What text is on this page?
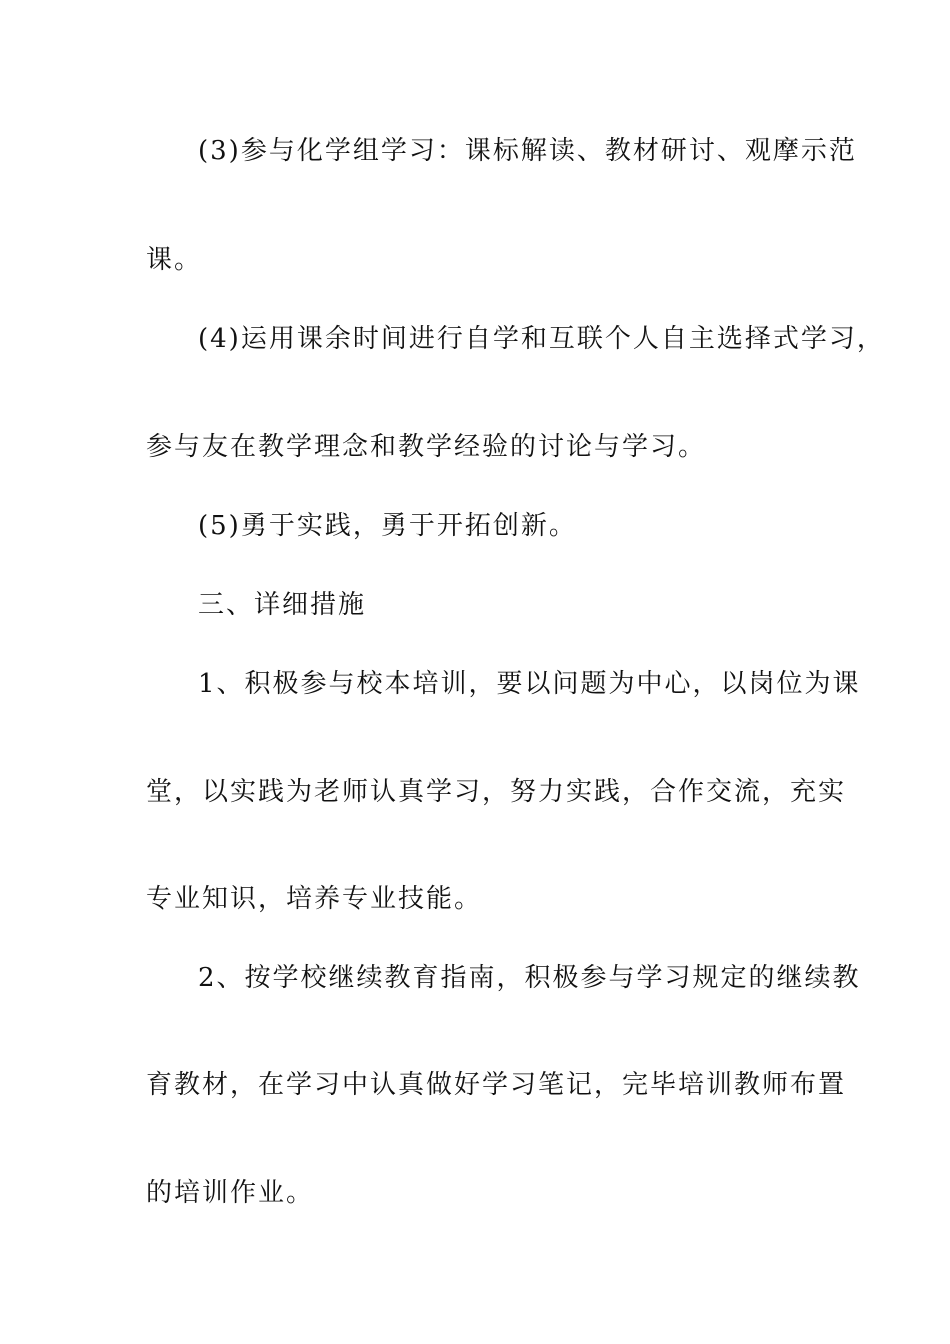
(3)参与化学组学习：课标解读、教材研讨、观摩示范
课。
(4)运用课余时间进行自学和互联个人自主选择式学习，
参与友在教学理念和教学经验的讨论与学习。
(5)勇于实践，勇于开拓创新。
三、详细措施
1、积极参与校本培训，要以问题为中心，以岗位为课
堂，以实践为老师认真学习，努力实践，合作交流，充实
专业知识，培养专业技能。
2、按学校继续教育指南，积极参与学习规定的继续教
育教材，在学习中认真做好学习笔记，完毕培训教师布置
的培训作业。
